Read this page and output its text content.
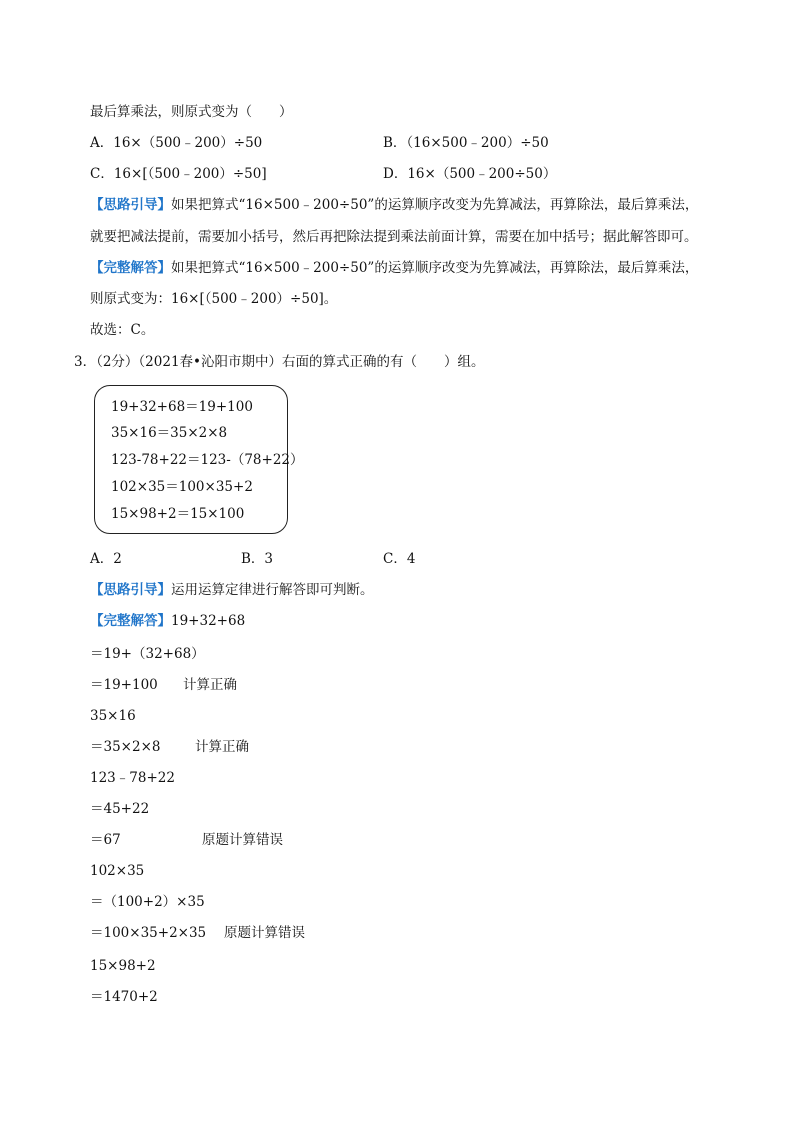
最后算乘法，则原式变为（　　）
A．16×（500﹣200）÷50	B．（16×500﹣200）÷50
C．16×[（500﹣200）÷50]	D．16×（500﹣200÷50）
【思路引导】如果把算式“16×500﹣200÷50”的运算顺序改变为先算减法，再算除法，最后算乘法，
就要把减法提前，需要加小括号，然后再把除法提到乘法前面计算，需要在加中括号；据此解答即可。
【完整解答】如果把算式“16×500﹣200÷50”的运算顺序改变为先算减法，再算除法，最后算乘法，
则原式变为：16×[（500﹣200）÷50]。
故选：C。
3．（2分）（2021春•沁阳市期中）右面的算式正确的有（　　）组。
19+32+68＝19+100
35×16＝35×2×8
123-78+22＝123-（78+22）
102×35＝100×35+2
15×98+2＝15×100
A．2	B．3	C．4
【思路引导】运用运算定律进行解答即可判断。
【完整解答】19+32+68
＝19+（32+68）
＝19+100 计算正确
35×16
＝35×2×8	计算正确
123﹣78+22
＝45+22
＝67	原题计算错误
102×35
＝（100+2）×35
＝100×35+2×35 原题计算错误
15×98+2
＝1470+2
